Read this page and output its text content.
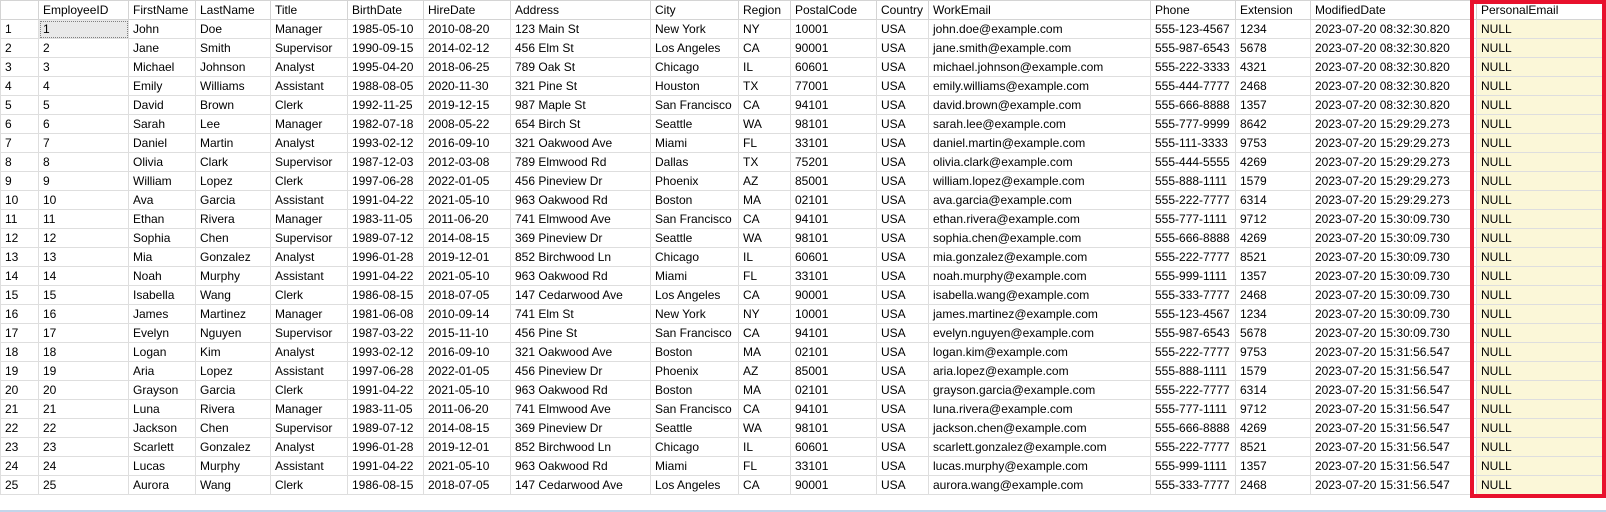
	EmployeeID	FirstName	LastName	Title	BirthDate	HireDate	Address	City	Region	PostalCode	Country	WorkEmail	Phone	Extension	ModifiedDate	PersonalEmail
1	1	John	Doe	Manager	1985-05-10	2010-08-20	123 Main St	New York	NY	10001	USA	john.doe@example.com	555-123-4567	1234	2023-07-20 08:32:30.820	NULL
2	2	Jane	Smith	Supervisor	1990-09-15	2014-02-12	456 Elm St	Los Angeles	CA	90001	USA	jane.smith@example.com	555-987-6543	5678	2023-07-20 08:32:30.820	NULL
3	3	Michael	Johnson	Analyst	1995-04-20	2018-06-25	789 Oak St	Chicago	IL	60601	USA	michael.johnson@example.com	555-222-3333	4321	2023-07-20 08:32:30.820	NULL
4	4	Emily	Williams	Assistant	1988-08-05	2020-11-30	321 Pine St	Houston	TX	77001	USA	emily.williams@example.com	555-444-7777	2468	2023-07-20 08:32:30.820	NULL
5	5	David	Brown	Clerk	1992-11-25	2019-12-15	987 Maple St	San Francisco	CA	94101	USA	david.brown@example.com	555-666-8888	1357	2023-07-20 08:32:30.820	NULL
6	6	Sarah	Lee	Manager	1982-07-18	2008-05-22	654 Birch St	Seattle	WA	98101	USA	sarah.lee@example.com	555-777-9999	8642	2023-07-20 15:29:29.273	NULL
7	7	Daniel	Martin	Analyst	1993-02-12	2016-09-10	321 Oakwood Ave	Miami	FL	33101	USA	daniel.martin@example.com	555-111-3333	9753	2023-07-20 15:29:29.273	NULL
8	8	Olivia	Clark	Supervisor	1987-12-03	2012-03-08	789 Elmwood Rd	Dallas	TX	75201	USA	olivia.clark@example.com	555-444-5555	4269	2023-07-20 15:29:29.273	NULL
9	9	William	Lopez	Clerk	1997-06-28	2022-01-05	456 Pineview Dr	Phoenix	AZ	85001	USA	william.lopez@example.com	555-888-1111	1579	2023-07-20 15:29:29.273	NULL
10	10	Ava	Garcia	Assistant	1991-04-22	2021-05-10	963 Oakwood Rd	Boston	MA	02101	USA	ava.garcia@example.com	555-222-7777	6314	2023-07-20 15:29:29.273	NULL
11	11	Ethan	Rivera	Manager	1983-11-05	2011-06-20	741 Elmwood Ave	San Francisco	CA	94101	USA	ethan.rivera@example.com	555-777-1111	9712	2023-07-20 15:30:09.730	NULL
12	12	Sophia	Chen	Supervisor	1989-07-12	2014-08-15	369 Pineview Dr	Seattle	WA	98101	USA	sophia.chen@example.com	555-666-8888	4269	2023-07-20 15:30:09.730	NULL
13	13	Mia	Gonzalez	Analyst	1996-01-28	2019-12-01	852 Birchwood Ln	Chicago	IL	60601	USA	mia.gonzalez@example.com	555-222-7777	8521	2023-07-20 15:30:09.730	NULL
14	14	Noah	Murphy	Assistant	1991-04-22	2021-05-10	963 Oakwood Rd	Miami	FL	33101	USA	noah.murphy@example.com	555-999-1111	1357	2023-07-20 15:30:09.730	NULL
15	15	Isabella	Wang	Clerk	1986-08-15	2018-07-05	147 Cedarwood Ave	Los Angeles	CA	90001	USA	isabella.wang@example.com	555-333-7777	2468	2023-07-20 15:30:09.730	NULL
16	16	James	Martinez	Manager	1981-06-08	2010-09-14	741 Elm St	New York	NY	10001	USA	james.martinez@example.com	555-123-4567	1234	2023-07-20 15:30:09.730	NULL
17	17	Evelyn	Nguyen	Supervisor	1987-03-22	2015-11-10	456 Pine St	San Francisco	CA	94101	USA	evelyn.nguyen@example.com	555-987-6543	5678	2023-07-20 15:30:09.730	NULL
18	18	Logan	Kim	Analyst	1993-02-12	2016-09-10	321 Oakwood Ave	Boston	MA	02101	USA	logan.kim@example.com	555-222-7777	9753	2023-07-20 15:31:56.547	NULL
19	19	Aria	Lopez	Assistant	1997-06-28	2022-01-05	456 Pineview Dr	Phoenix	AZ	85001	USA	aria.lopez@example.com	555-888-1111	1579	2023-07-20 15:31:56.547	NULL
20	20	Grayson	Garcia	Clerk	1991-04-22	2021-05-10	963 Oakwood Rd	Boston	MA	02101	USA	grayson.garcia@example.com	555-222-7777	6314	2023-07-20 15:31:56.547	NULL
21	21	Luna	Rivera	Manager	1983-11-05	2011-06-20	741 Elmwood Ave	San Francisco	CA	94101	USA	luna.rivera@example.com	555-777-1111	9712	2023-07-20 15:31:56.547	NULL
22	22	Jackson	Chen	Supervisor	1989-07-12	2014-08-15	369 Pineview Dr	Seattle	WA	98101	USA	jackson.chen@example.com	555-666-8888	4269	2023-07-20 15:31:56.547	NULL
23	23	Scarlett	Gonzalez	Analyst	1996-01-28	2019-12-01	852 Birchwood Ln	Chicago	IL	60601	USA	scarlett.gonzalez@example.com	555-222-7777	8521	2023-07-20 15:31:56.547	NULL
24	24	Lucas	Murphy	Assistant	1991-04-22	2021-05-10	963 Oakwood Rd	Miami	FL	33101	USA	lucas.murphy@example.com	555-999-1111	1357	2023-07-20 15:31:56.547	NULL
25	25	Aurora	Wang	Clerk	1986-08-15	2018-07-05	147 Cedarwood Ave	Los Angeles	CA	90001	USA	aurora.wang@example.com	555-333-7777	2468	2023-07-20 15:31:56.547	NULL
